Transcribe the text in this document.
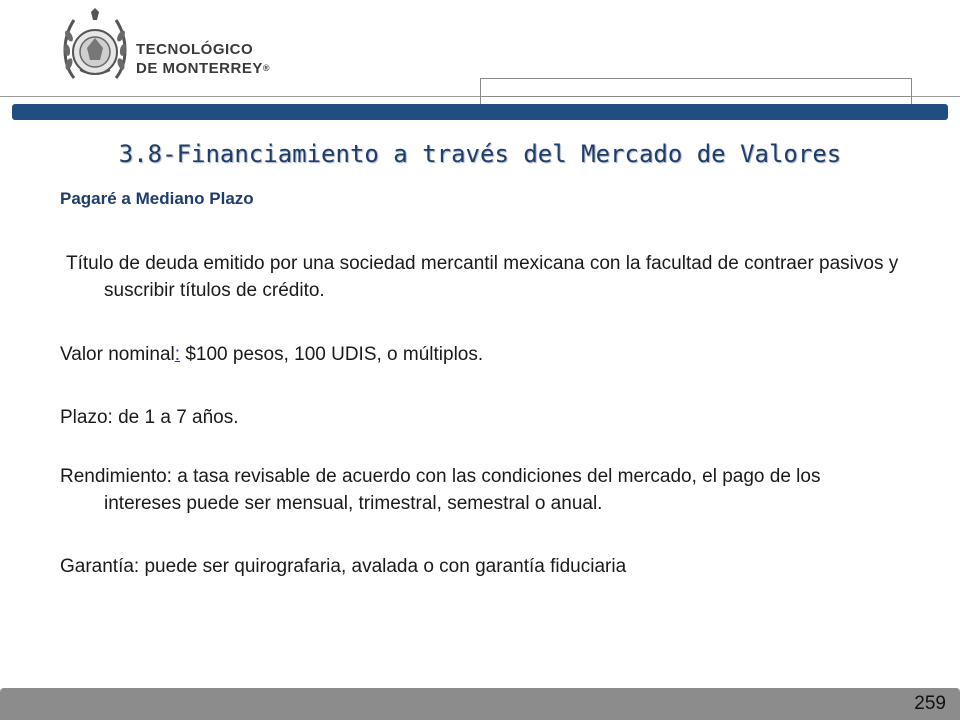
TECNOLÓGICO
DE MONTERREY®
3.8-Financiamiento a través del Mercado de Valores
Pagaré a Mediano Plazo
Título de deuda emitido por una sociedad mercantil mexicana con la facultad de contraer pasivos y suscribir títulos de crédito.
Valor nominal: $100 pesos, 100 UDIS, o múltiplos.
Plazo: de 1 a 7 años.
Rendimiento: a tasa revisable de acuerdo con las condiciones del mercado, el pago de los intereses puede ser mensual, trimestral, semestral o anual.
Garantía: puede ser quirografaria, avalada o con garantía fiduciaria
259
